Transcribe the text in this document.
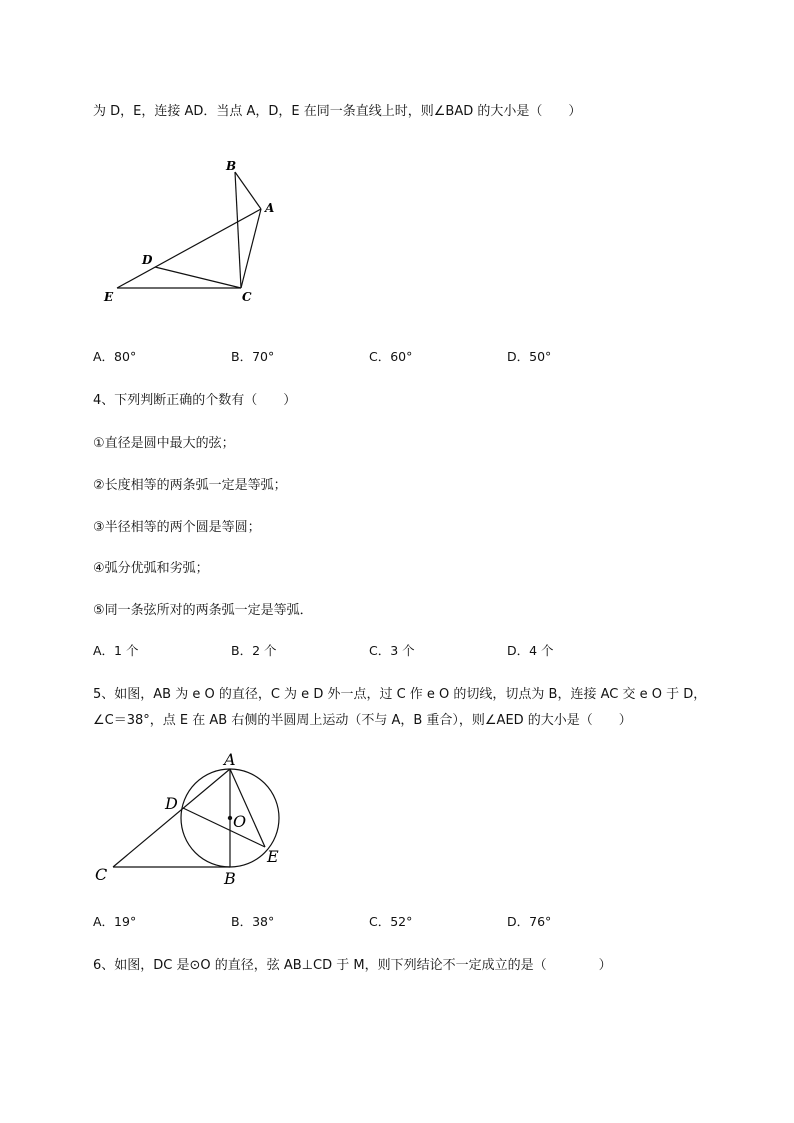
为 D，E，连接 AD．当点 A，D，E 在同一条直线上时，则∠BAD 的大小是（　　）
B
A
D
E	C
A．80°	B．70°	C．60°	D．50°
4、下列判断正确的个数有（　　）
①直径是圆中最大的弦；
②长度相等的两条弧一定是等弧；
③半径相等的两个圆是等圆；
④弧分优弧和劣弧；
⑤同一条弦所对的两条弧一定是等弧．
A．1 个	B．2 个	C．3 个	D．4 个
5、如图，AB 为 e O 的直径，C 为 e D 外一点，过 C 作 e O 的切线，切点为 B，连接 AC 交 e O 于 D，
∠C＝38°，点 E 在 AB 右侧的半圆周上运动（不与 A，B 重合），则∠AED 的大小是（　　）
A
D
O
E
C	B
A．19°	B．38°	C．52°	D．76°
6、如图，DC 是⊙O 的直径，弦 AB⊥CD 于 M，则下列结论不一定成立的是（　　　　）
